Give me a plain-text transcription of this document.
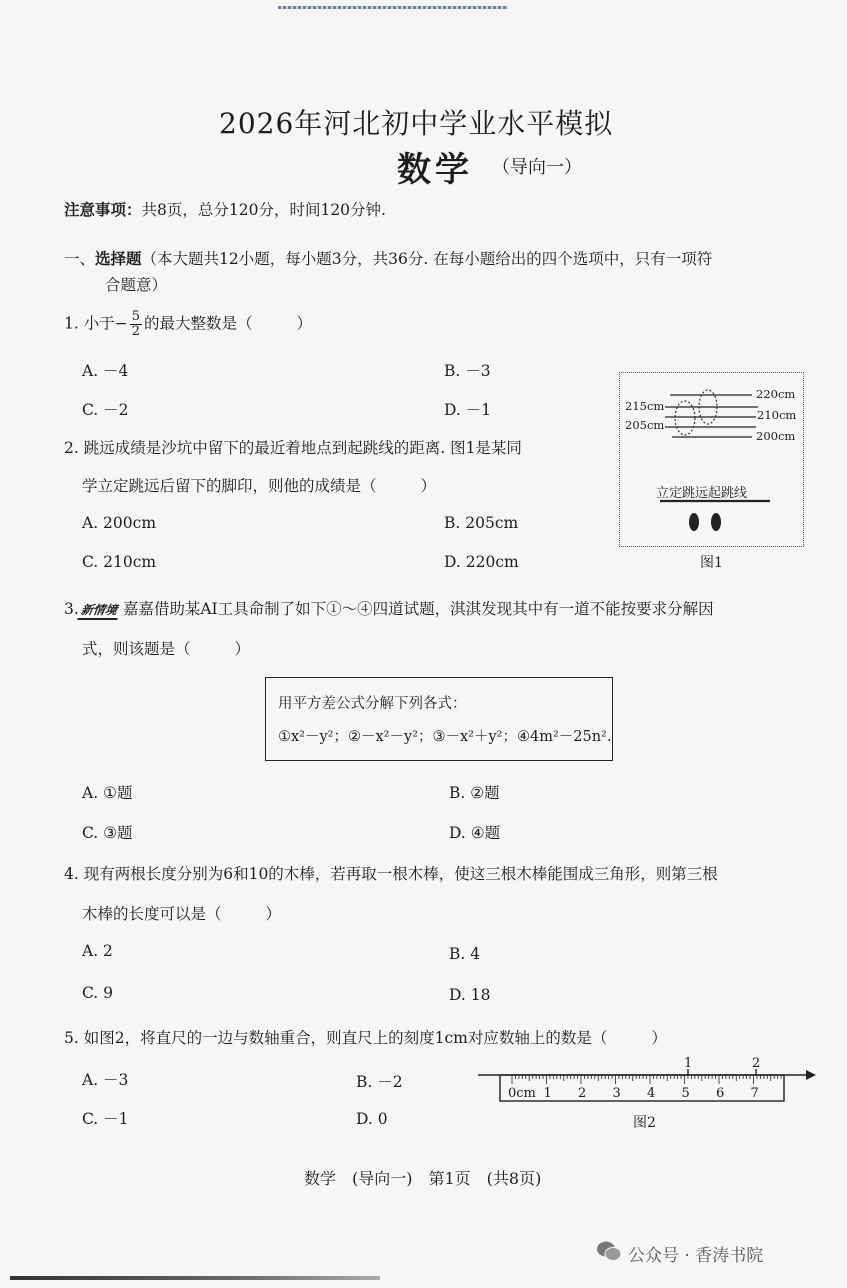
2026年河北初中学业水平模拟
数学 （导向一）
注意事项：共8页，总分120分，时间120分钟.
一、选择题（本大题共12小题，每小题3分，共36分. 在每小题给出的四个选项中，只有一项符
合题意）
1. 小于− $\frac{5}{2}$ 的最大整数是（	）
A. －4	B. －3
C. －2	D. －1
2. 跳远成绩是沙坑中留下的最近着地点到起跳线的距离. 图1是某同
学立定跳远后留下的脚印，则他的成绩是（	）
A. 200cm	B. 205cm
C. 210cm	D. 220cm
220cm
215cm
210cm
205cm
200cm
立定跳远起跳线
图1
3.新情境 嘉嘉借助某AI工具命制了如下①～④四道试题，淇淇发现其中有一道不能按要求分解因
式，则该题是（	）
用平方差公式分解下列各式：
①x²－y²；②－x²－y²；③－x²＋y²；④4m²－25n².
A. ①题	B. ②题
C. ③题	D. ④题
4. 现有两根长度分别为6和10的木棒，若再取一根木棒，使这三根木棒能围成三角形，则第三根
木棒的长度可以是（	）
A. 2	B. 4
C. 9	D. 18
5. 如图2，将直尺的一边与数轴重合，则直尺上的刻度1cm对应数轴上的数是（	）
A. －3	B. －2
C. －1	D. 0
1	2
0cm 1 2 3 4 5 6 7
图2
数学　(导向一)　第1页　(共8页)
公众号 · 香涛书院
